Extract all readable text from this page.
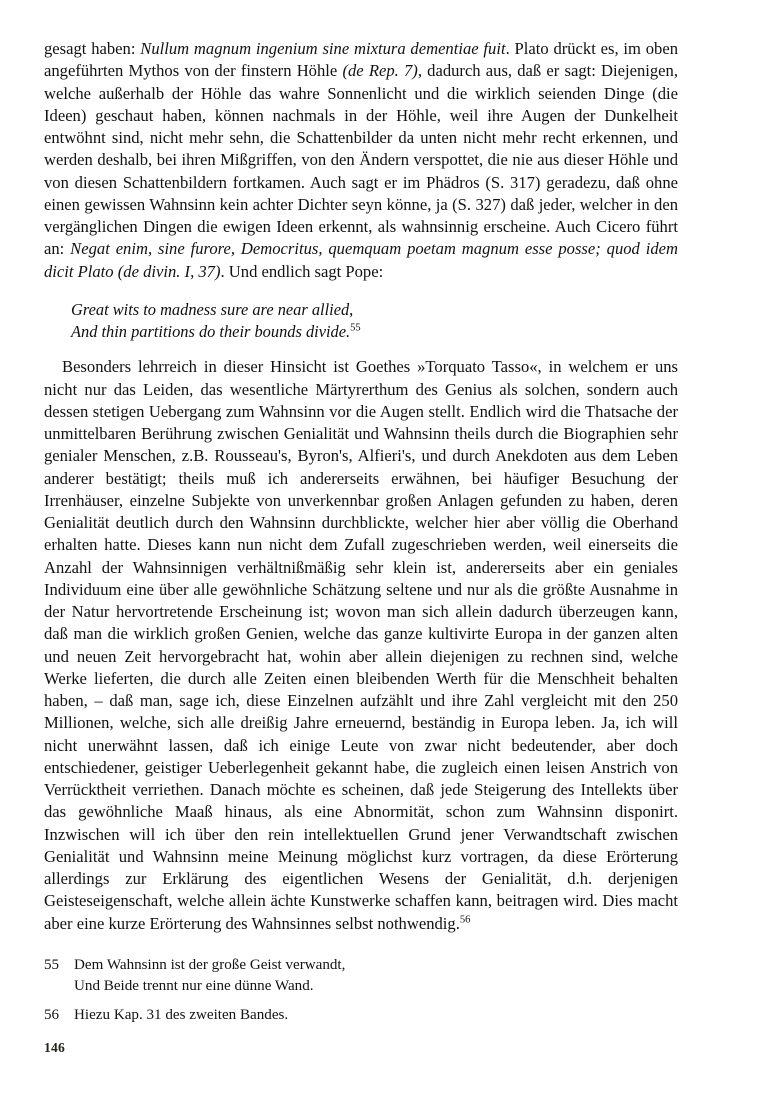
gesagt haben: Nullum magnum ingenium sine mixtura dementiae fuit. Plato drückt es, im oben angeführten Mythos von der finstern Höhle (de Rep. 7), dadurch aus, daß er sagt: Diejenigen, welche außerhalb der Höhle das wahre Sonnenlicht und die wirklich seienden Dinge (die Ideen) geschaut haben, können nachmals in der Höhle, weil ihre Augen der Dunkelheit entwöhnt sind, nicht mehr sehn, die Schattenbilder da unten nicht mehr recht erkennen, und werden deshalb, bei ihren Mißgriffen, von den Ändern verspottet, die nie aus dieser Höhle und von diesen Schattenbildern fortkamen. Auch sagt er im Phädros (S. 317) geradezu, daß ohne einen gewissen Wahnsinn kein achter Dichter seyn könne, ja (S. 327) daß jeder, welcher in den vergänglichen Dingen die ewigen Ideen erkennt, als wahnsinnig erscheine. Auch Cicero führt an: Negat enim, sine furore, Democritus, quemquam poetam magnum esse posse; quod idem dicit Plato (de divin. I, 37). Und endlich sagt Pope:

Great wits to madness sure are near allied,
And thin partitions do their bounds divide.$^{55}$

Besonders lehrreich in dieser Hinsicht ist Goethes »Torquato Tasso«, in welchem er uns nicht nur das Leiden, das wesentliche Märtyrerthum des Genius als solchen, sondern auch dessen stetigen Uebergang zum Wahnsinn vor die Augen stellt. Endlich wird die Thatsache der unmittelbaren Berührung zwischen Genialität und Wahnsinn theils durch die Biographien sehr genialer Menschen, z.B. Rousseau's, Byron's, Alfieri's, und durch Anekdoten aus dem Leben anderer bestätigt; theils muß ich andererseits erwähnen, bei häufiger Besuchung der Irrenhäuser, einzelne Subjekte von unverkennbar großen Anlagen gefunden zu haben, deren Genialität deutlich durch den Wahnsinn durchblickte, welcher hier aber völlig die Oberhand erhalten hatte. Dieses kann nun nicht dem Zufall zugeschrieben werden, weil einerseits die Anzahl der Wahnsinnigen verhältnißmäßig sehr klein ist, andererseits aber ein geniales Individuum eine über alle gewöhnliche Schätzung seltene und nur als die größte Ausnahme in der Natur hervortretende Erscheinung ist; wovon man sich allein dadurch überzeugen kann, daß man die wirklich großen Genien, welche das ganze kultivirte Europa in der ganzen alten und neuen Zeit hervorgebracht hat, wohin aber allein diejenigen zu rechnen sind, welche Werke lieferten, die durch alle Zeiten einen bleibenden Werth für die Menschheit behalten haben, – daß man, sage ich, diese Einzelnen aufzählt und ihre Zahl vergleicht mit den 250 Millionen, welche, sich alle dreißig Jahre erneuernd, beständig in Europa leben. Ja, ich will nicht unerwähnt lassen, daß ich einige Leute von zwar nicht bedeutender, aber doch entschiedener, geistiger Ueberlegenheit gekannt habe, die zugleich einen leisen Anstrich von Verrücktheit verriethen. Danach möchte es scheinen, daß jede Steigerung des Intellekts über das gewöhnliche Maaß hinaus, als eine Abnormität, schon zum Wahnsinn disponirt. Inzwischen will ich über den rein intellektuellen Grund jener Verwandtschaft zwischen Genialität und Wahnsinn meine Meinung möglichst kurz vortragen, da diese Erörterung allerdings zur Erklärung des eigentlichen Wesens der Genialität, d.h. derjenigen Geisteseigenschaft, welche allein ächte Kunstwerke schaffen kann, beitragen wird. Dies macht aber eine kurze Erörterung des Wahnsinnes selbst nothwendig.$^{56}$

55 Dem Wahnsinn ist der große Geist verwandt,
Und Beide trennt nur eine dünne Wand.
56 Hiezu Kap. 31 des zweiten Bandes.
146
